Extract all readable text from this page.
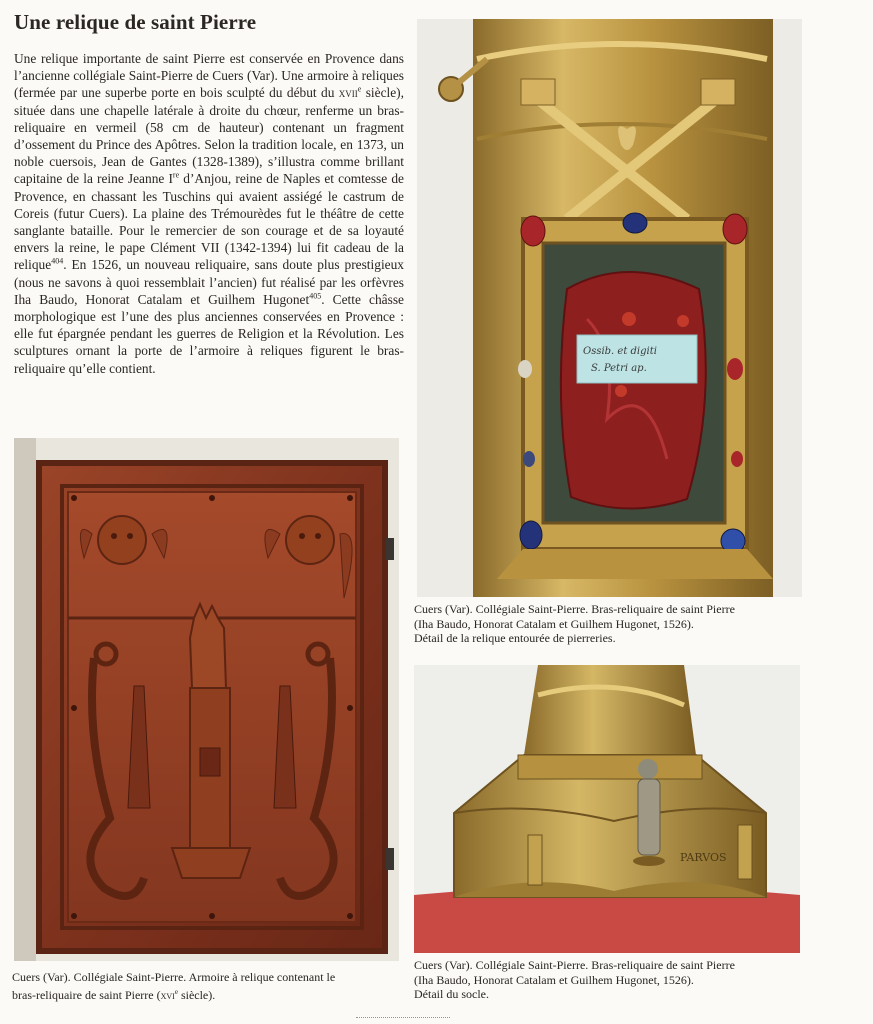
Une relique de saint Pierre

Une relique importante de saint Pierre est conservée en Provence dans l’ancienne collégiale Saint-Pierre de Cuers (Var). Une armoire à reliques (fermée par une superbe porte en bois sculpté du début du xvii$^e$ siècle), située dans une chapelle latérale à droite du chœur, renferme un bras-reliquaire en vermeil (58 cm de hauteur) contenant un fragment d’ossement du Prince des Apôtres. Selon la tradition locale, en 1373, un noble cuersois, Jean de Gantes (1328-1389), s’illustra comme brillant capitaine de la reine Jeanne Ire d’Anjou, reine de Naples et comtesse de Provence, en chassant les Tuschins qui avaient assiégé le castrum de Coreis (futur Cuers). La plaine des Trémourèdes fut le théâtre de cette sanglante bataille. Pour le remercier de son courage et de sa loyauté envers la reine, le pape Clément VII (1342-1394) lui fit cadeau de la relique$^{404}$. En 1526, un nouveau reliquaire, sans doute plus prestigieux (nous ne savons à quoi ressemblait l’ancien) fut réalisé par les orfèvres Iha Baudo, Honorat Catalam et Guilhem Hugonet$^{405}$. Cette châsse morphologique est l’une des plus anciennes conservées en Provence : elle fut épargnée pendant les guerres de Religion et la Révolution. Les sculptures ornant la porte de l’armoire à reliques figurent le bras-reliquaire qu’elle contient.

Ossib. et digiti
S. Petri ap.

Cuers (Var). Collégiale Saint-Pierre. Bras-reliquaire de saint Pierre
(Iha Baudo, Honorat Catalam et Guilhem Hugonet, 1526).
Détail de la relique entourée de pierreries.

PARVOS

Cuers (Var). Collégiale Saint-Pierre. Bras-reliquaire de saint Pierre
(Iha Baudo, Honorat Catalam et Guilhem Hugonet, 1526).
Détail du socle.

Cuers (Var). Collégiale Saint-Pierre. Armoire à relique contenant le
bras-reliquaire de saint Pierre (xvi$^e$ siècle).
